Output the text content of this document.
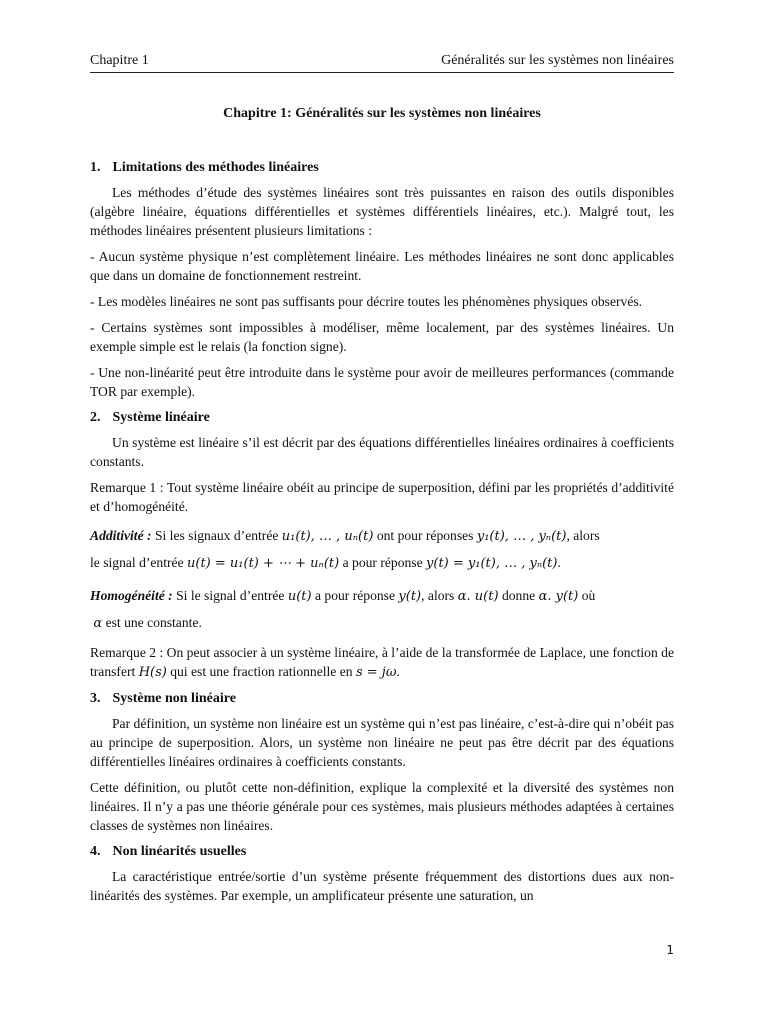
Chapitre 1	Généralités sur les systèmes non linéaires
Chapitre 1: Généralités sur les systèmes non linéaires
1. Limitations des méthodes linéaires

Les méthodes d’étude des systèmes linéaires sont très puissantes en raison des outils disponibles (algèbre linéaire, équations différentielles et systèmes différentiels linéaires, etc.). Malgré tout, les méthodes linéaires présentent plusieurs limitations :

- Aucun système physique n’est complètement linéaire. Les méthodes linéaires ne sont donc applicables que dans un domaine de fonctionnement restreint.

- Les modèles linéaires ne sont pas suffisants pour décrire toutes les phénomènes physiques observés.

- Certains systèmes sont impossibles à modéliser, même localement, par des systèmes linéaires. Un exemple simple est le relais (la fonction signe).

- Une non-linéarité peut être introduite dans le système pour avoir de meilleures performances (commande TOR par exemple).

2. Système linéaire

Un système est linéaire s’il est décrit par des équations différentielles linéaires ordinaires à coefficients constants.

Remarque 1 : Tout système linéaire obéit au principe de superposition, défini par les propriétés d’additivité et d’homogénéité.

Additivité : Si les signaux d’entrée u₁(t), … , uₙ(t) ont pour réponses y₁(t), … , yₙ(t), alors
le signal d’entrée u(t) = u₁(t) + ⋯ + uₙ(t) a pour réponse y(t) = y₁(t), … , yₙ(t).

Homogénéité : Si le signal d’entrée u(t) a pour réponse y(t), alors α. u(t) donne α. y(t) où
α est une constante.

Remarque 2 : On peut associer à un système linéaire, à l’aide de la transformée de Laplace, une fonction de transfert H(s) qui est une fraction rationnelle en s = jω.

3. Système non linéaire

Par définition, un système non linéaire est un système qui n’est pas linéaire, c’est-à-dire qui n’obéit pas au principe de superposition. Alors, un système non linéaire ne peut pas être décrit par des équations différentielles linéaires ordinaires à coefficients constants.

Cette définition, ou plutôt cette non-définition, explique la complexité et la diversité des systèmes non linéaires. Il n’y a pas une théorie générale pour ces systèmes, mais plusieurs méthodes adaptées à certaines classes de systèmes non linéaires.

4. Non linéarités usuelles

La caractéristique entrée/sortie d’un système présente fréquemment des distortions dues aux non-linéarités des systèmes. Par exemple, un amplificateur présente une saturation, un

1
